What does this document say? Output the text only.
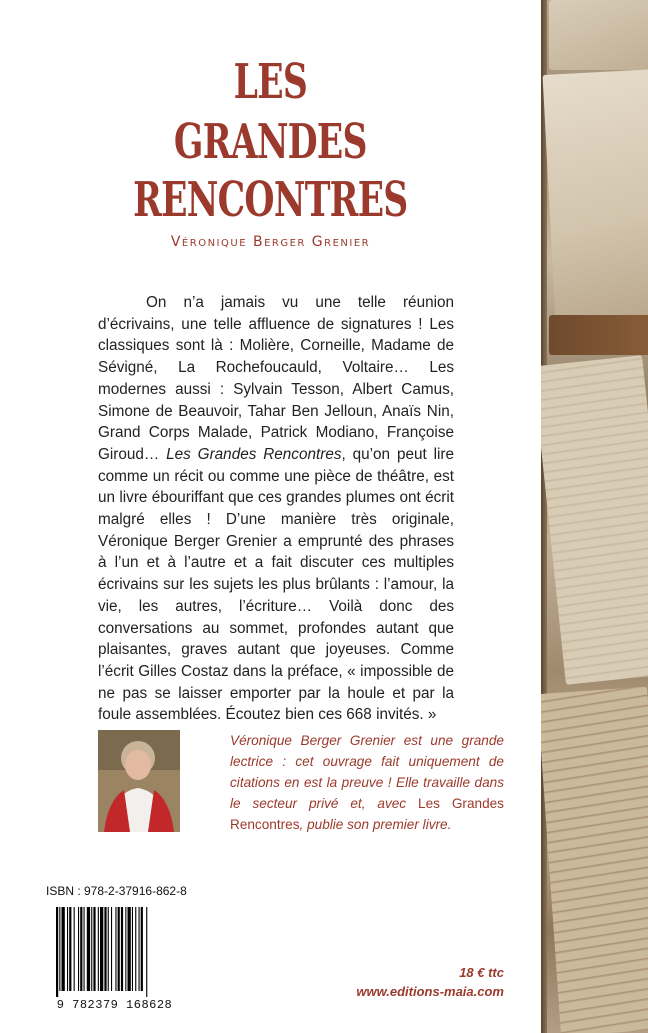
LES
GRANDES
RENCONTRES
Véronique Berger Grenier

On n’a jamais vu une telle réunion d’écrivains, une telle affluence de signatures ! Les classiques sont là : Molière, Corneille, Madame de Sévigné, La Rochefoucauld, Voltaire… Les modernes aussi : Sylvain Tesson, Albert Camus, Simone de Beauvoir, Tahar Ben Jelloun, Anaïs Nin, Grand Corps Malade, Patrick Modiano, Françoise Giroud… Les Grandes Rencontres, qu’on peut lire comme un récit ou comme une pièce de théâtre, est un livre ébouriffant que ces grandes plumes ont écrit malgré elles ! D’une manière très originale, Véronique Berger Grenier a emprunté des phrases à l’un et à l’autre et a fait discuter ces multiples écrivains sur les sujets les plus brûlants : l’amour, la vie, les autres, l’écriture… Voilà donc des conversations au sommet, profondes autant que plaisantes, graves autant que joyeuses. Comme l’écrit Gilles Costaz dans la préface, « impossible de ne pas se laisser emporter par la houle et par la foule assemblées. Écoutez bien ces 668 invités. »

Véronique Berger Grenier est une grande lectrice : cet ouvrage fait uniquement de citations en est la preuve ! Elle travaille dans le secteur privé et, avec Les Grandes Rencontres, publie son premier livre.
ISBN : 978-2-37916-862-8
9 782379 168628
18 € ttc
www.editions-maia.com
